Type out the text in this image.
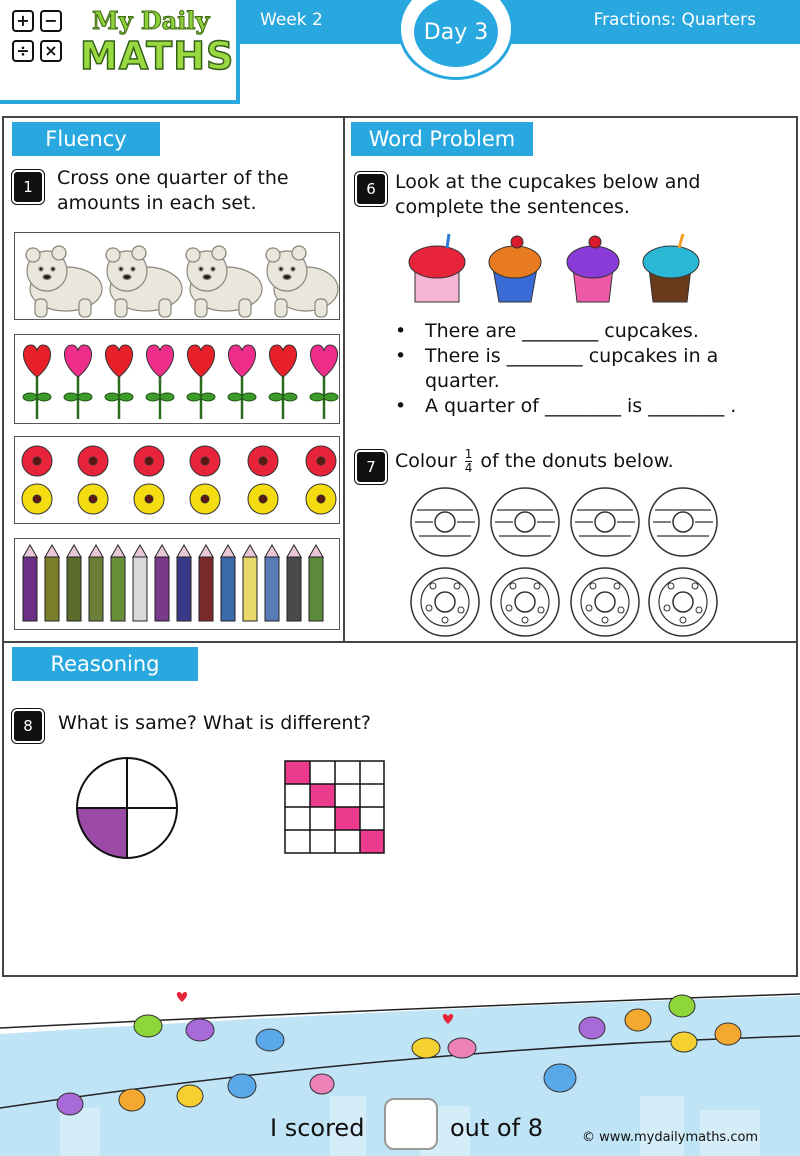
+ −
÷ ×
My Daily
MATHS
Week 2	Fractions: Quarters
Day 3
Fluency
1	Cross one quarter of the amounts in each set.
Word Problem
6	Look at the cupcakes below and complete the sentences.
• There are ________ cupcakes.
• There is ________ cupcakes in a quarter.
• A quarter of ________ is ________ .
7	Colour $\frac{1}{4}$ of the donuts below.
Reasoning
8	What is same? What is different?
I scored	out of 8	© www.mydailymaths.com
